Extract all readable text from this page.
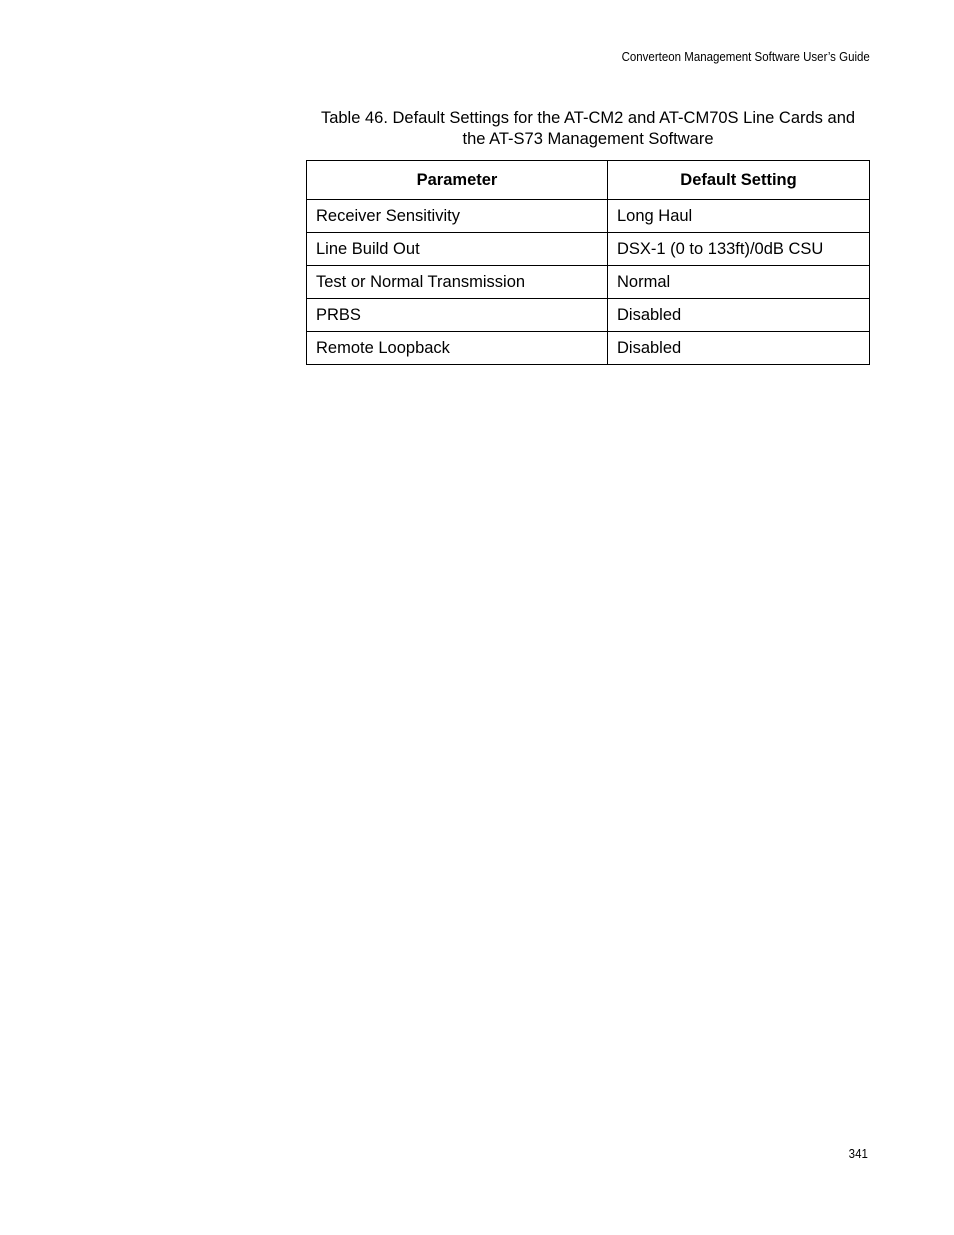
Converteon Management Software User’s Guide
Table 46. Default Settings for the AT-CM2 and AT-CM70S Line Cards and
the AT-S73 Management Software
Parameter	Default Setting
Receiver Sensitivity	Long Haul
Line Build Out	DSX-1 (0 to 133ft)/0dB CSU
Test or Normal Transmission	Normal
PRBS	Disabled
Remote Loopback	Disabled
341
